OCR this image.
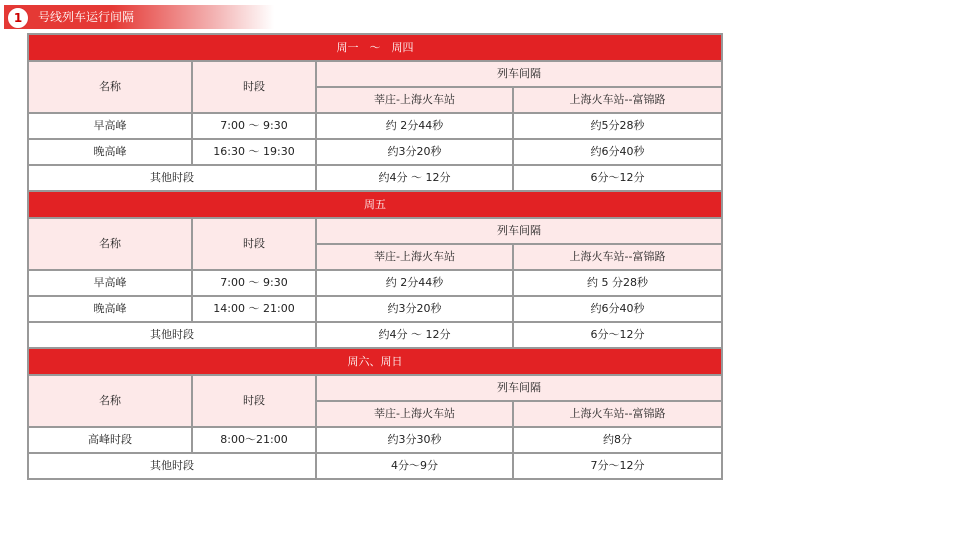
1	号线列车运行间隔
周一　～　周四			
名称	时段	列车间隔	
		莘庄-上海火车站	上海火车站--富锦路
早高峰	7:00 ～ 9:30	约 2分44秒	约5分28秒
晚高峰	16:30 ～ 19:30	约3分20秒	约6分40秒
其他时段		约4分 ～ 12分	6分～12分
周五			
名称	时段	列车间隔	
		莘庄-上海火车站	上海火车站--富锦路
早高峰	7:00 ～ 9:30	约 2分44秒	约 5 分28秒
晚高峰	14:00 ～ 21:00	约3分20秒	约6分40秒
其他时段		约4分 ～ 12分	6分～12分
周六、周日			
名称	时段	列车间隔	
		莘庄-上海火车站	上海火车站--富锦路
高峰时段	8:00～21:00	约3分30秒	约8分
其他时段		4分～9分	7分～12分
